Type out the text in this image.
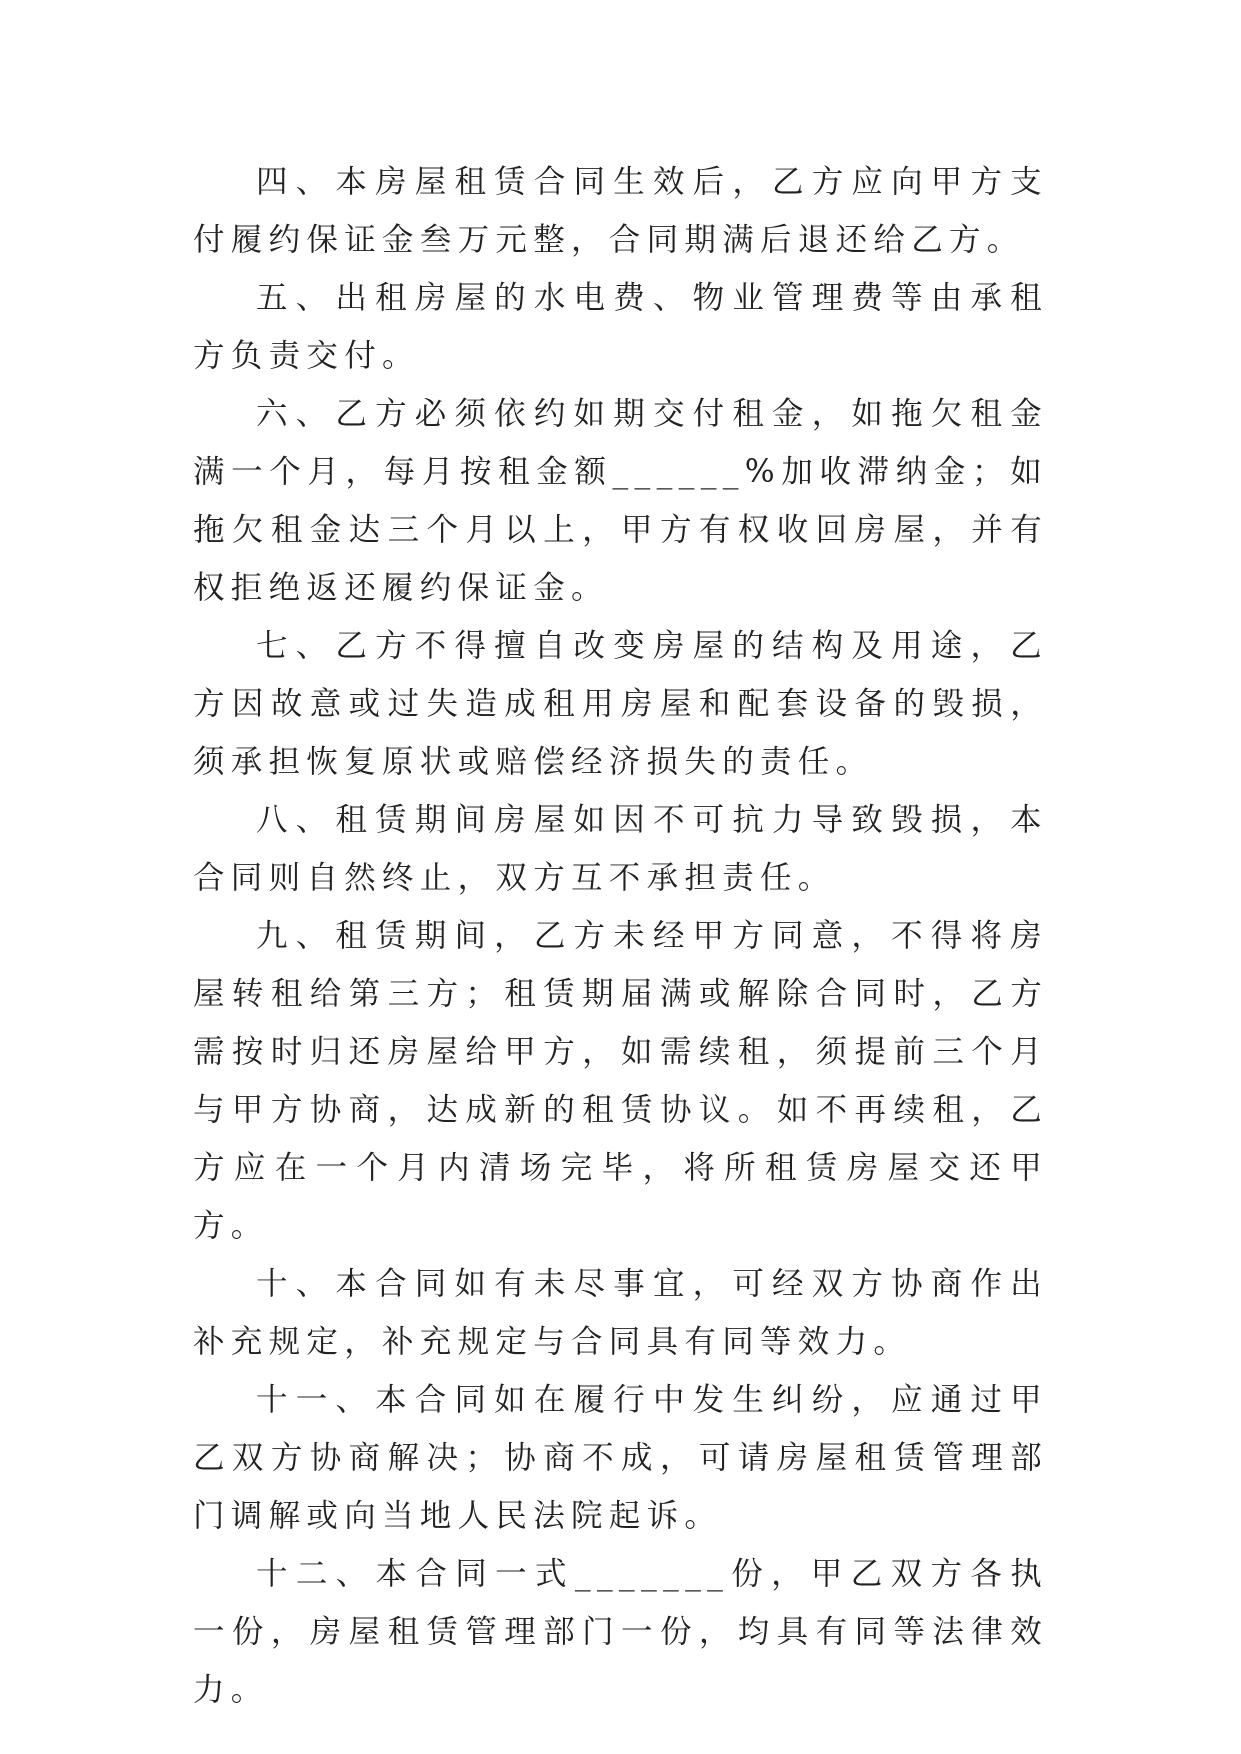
四、本房屋租赁合同生效后，乙方应向甲方支付履约保证金叁万元整，合同期满后退还给乙方。

五、出租房屋的水电费、物业管理费等由承租方负责交付。

六、乙方必须依约如期交付租金，如拖欠租金满一个月，每月按租金额______%加收滞纳金；如拖欠租金达三个月以上，甲方有权收回房屋，并有权拒绝返还履约保证金。

七、乙方不得擅自改变房屋的结构及用途，乙方因故意或过失造成租用房屋和配套设备的毁损，须承担恢复原状或赔偿经济损失的责任。

八、租赁期间房屋如因不可抗力导致毁损，本合同则自然终止，双方互不承担责任。

九、租赁期间，乙方未经甲方同意，不得将房屋转租给第三方；租赁期届满或解除合同时，乙方需按时归还房屋给甲方，如需续租，须提前三个月与甲方协商，达成新的租赁协议。如不再续租，乙方应在一个月内清场完毕，将所租赁房屋交还甲方。

十、本合同如有未尽事宜，可经双方协商作出补充规定，补充规定与合同具有同等效力。

十一、本合同如在履行中发生纠纷，应通过甲乙双方协商解决；协商不成，可请房屋租赁管理部门调解或向当地人民法院起诉。

十二、本合同一式_______份，甲乙双方各执一份，房屋租赁管理部门一份，均具有同等法律效力。
